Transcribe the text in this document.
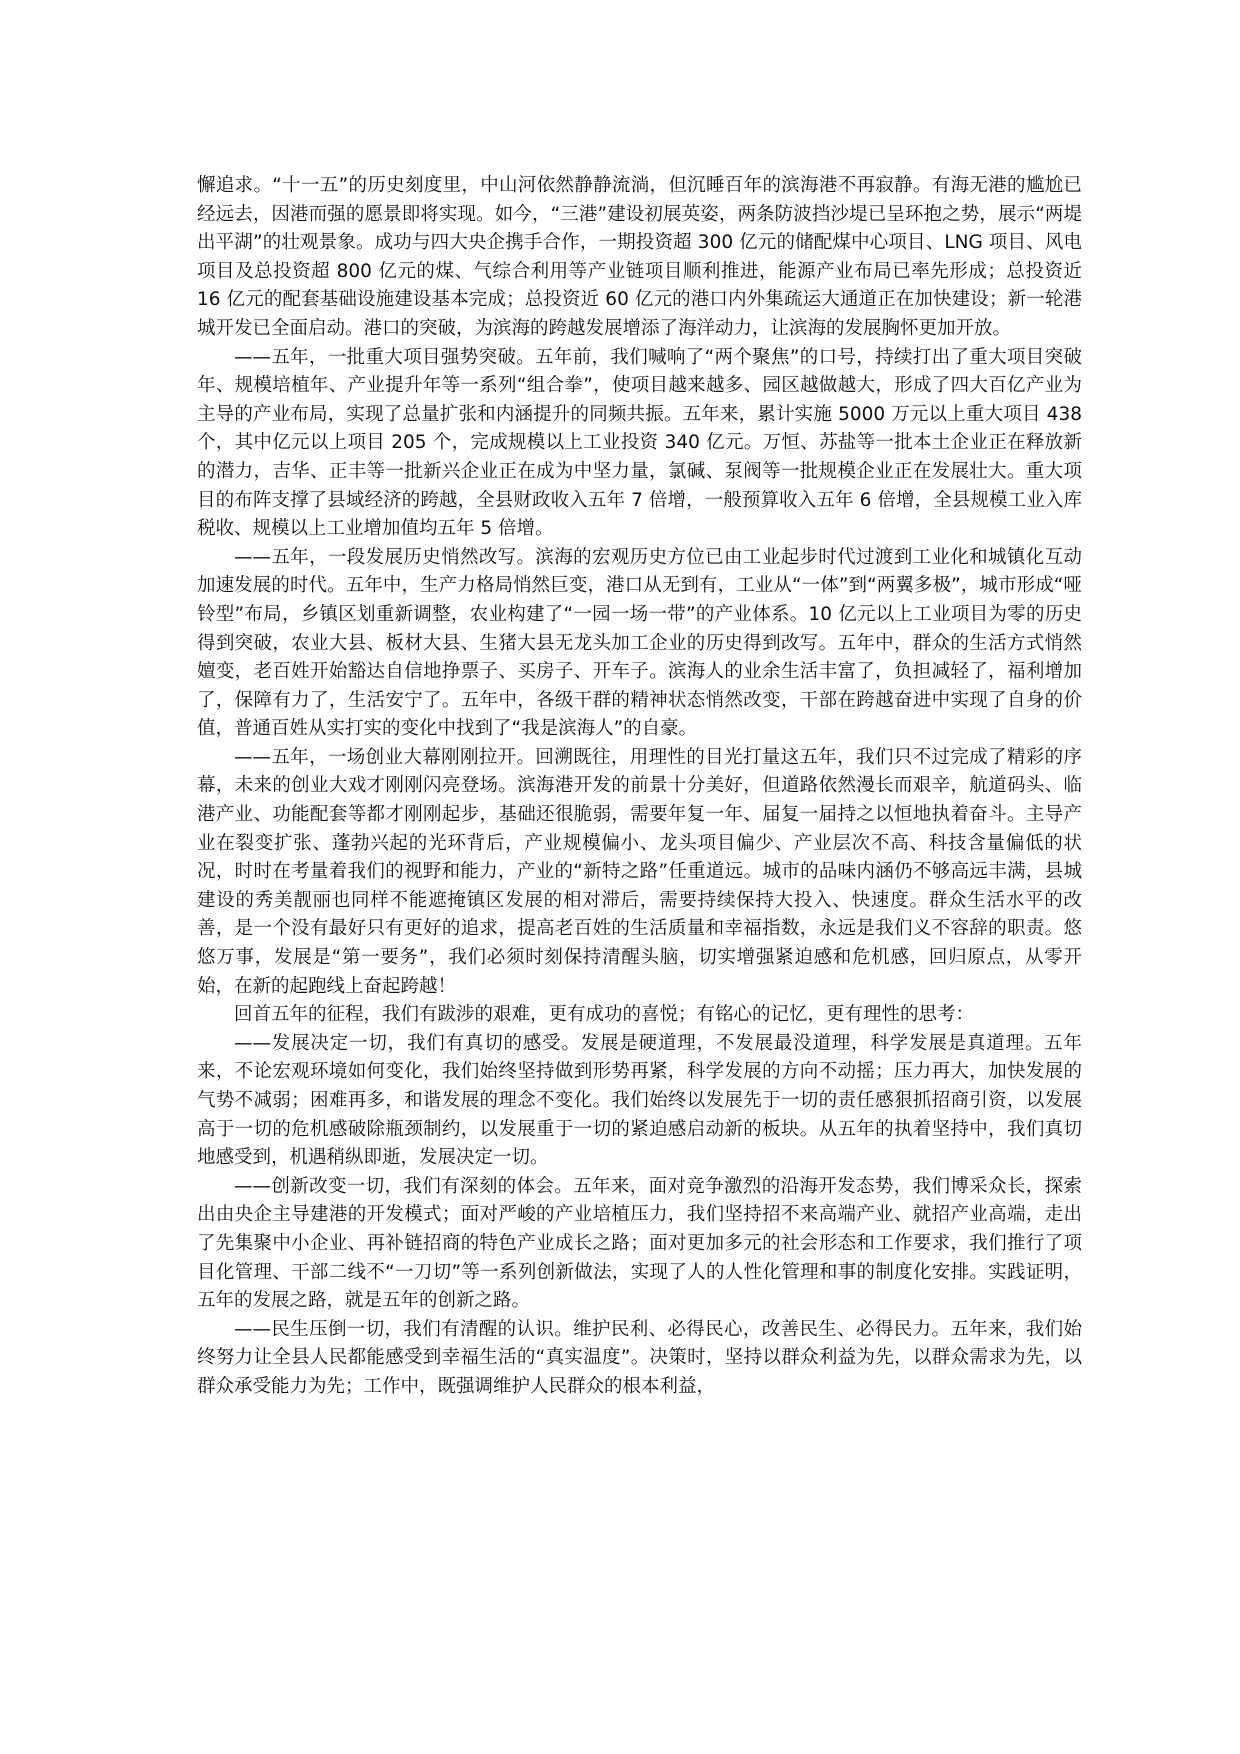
懈追求。“十一五”的历史刻度里，中山河依然静静流淌，但沉睡百年的滨海港不再寂静。有海无港的尴尬已经远去，因港而强的愿景即将实现。如今，“三港”建设初展英姿，两条防波挡沙堤已呈环抱之势，展示“两堤出平湖”的壮观景象。成功与四大央企携手合作，一期投资超 300 亿元的储配煤中心项目、LNG 项目、风电项目及总投资超 800 亿元的煤、气综合利用等产业链项目顺利推进，能源产业布局已率先形成；总投资近 16 亿元的配套基础设施建设基本完成；总投资近 60 亿元的港口内外集疏运大通道正在加快建设；新一轮港城开发已全面启动。港口的突破，为滨海的跨越发展增添了海洋动力，让滨海的发展胸怀更加开放。

——五年，一批重大项目强势突破。五年前，我们喊响了“两个聚焦”的口号，持续打出了重大项目突破年、规模培植年、产业提升年等一系列“组合拳”，使项目越来越多、园区越做越大，形成了四大百亿产业为主导的产业布局，实现了总量扩张和内涵提升的同频共振。五年来，累计实施 5000 万元以上重大项目 438 个，其中亿元以上项目 205 个，完成规模以上工业投资 340 亿元。万恒、苏盐等一批本土企业正在释放新的潜力，吉华、正丰等一批新兴企业正在成为中坚力量，氯碱、泵阀等一批规模企业正在发展壮大。重大项目的布阵支撑了县域经济的跨越，全县财政收入五年 7 倍增，一般预算收入五年 6 倍增，全县规模工业入库税收、规模以上工业增加值均五年 5 倍增。

——五年，一段发展历史悄然改写。滨海的宏观历史方位已由工业起步时代过渡到工业化和城镇化互动加速发展的时代。五年中，生产力格局悄然巨变，港口从无到有，工业从“一体”到“两翼多极”，城市形成“哑铃型”布局，乡镇区划重新调整，农业构建了“一园一场一带”的产业体系。10 亿元以上工业项目为零的历史得到突破，农业大县、板材大县、生猪大县无龙头加工企业的历史得到改写。五年中，群众的生活方式悄然嬗变，老百姓开始豁达自信地挣票子、买房子、开车子。滨海人的业余生活丰富了，负担减轻了，福利增加了，保障有力了，生活安宁了。五年中，各级干群的精神状态悄然改变，干部在跨越奋进中实现了自身的价值，普通百姓从实打实的变化中找到了“我是滨海人”的自豪。

——五年，一场创业大幕刚刚拉开。回溯既往，用理性的目光打量这五年，我们只不过完成了精彩的序幕，未来的创业大戏才刚刚闪亮登场。滨海港开发的前景十分美好，但道路依然漫长而艰辛，航道码头、临港产业、功能配套等都才刚刚起步，基础还很脆弱，需要年复一年、届复一届持之以恒地执着奋斗。主导产业在裂变扩张、蓬勃兴起的光环背后，产业规模偏小、龙头项目偏少、产业层次不高、科技含量偏低的状况，时时在考量着我们的视野和能力，产业的“新特之路”任重道远。城市的品味内涵仍不够高远丰满，县城建设的秀美靓丽也同样不能遮掩镇区发展的相对滞后，需要持续保持大投入、快速度。群众生活水平的改善，是一个没有最好只有更好的追求，提高老百姓的生活质量和幸福指数，永远是我们义不容辞的职责。悠悠万事，发展是“第一要务”，我们必须时刻保持清醒头脑，切实增强紧迫感和危机感，回归原点，从零开始，在新的起跑线上奋起跨越！

回首五年的征程，我们有跋涉的艰难，更有成功的喜悦；有铭心的记忆，更有理性的思考：

——发展决定一切，我们有真切的感受。发展是硬道理，不发展最没道理，科学发展是真道理。五年来，不论宏观环境如何变化，我们始终坚持做到形势再紧，科学发展的方向不动摇；压力再大，加快发展的气势不减弱；困难再多，和谐发展的理念不变化。我们始终以发展先于一切的责任感狠抓招商引资，以发展高于一切的危机感破除瓶颈制约，以发展重于一切的紧迫感启动新的板块。从五年的执着坚持中，我们真切地感受到，机遇稍纵即逝，发展决定一切。

——创新改变一切，我们有深刻的体会。五年来，面对竞争激烈的沿海开发态势，我们博采众长，探索出由央企主导建港的开发模式；面对严峻的产业培植压力，我们坚持招不来高端产业、就招产业高端，走出了先集聚中小企业、再补链招商的特色产业成长之路；面对更加多元的社会形态和工作要求，我们推行了项目化管理、干部二线不“一刀切”等一系列创新做法，实现了人的人性化管理和事的制度化安排。实践证明，五年的发展之路，就是五年的创新之路。

——民生压倒一切，我们有清醒的认识。维护民利、必得民心，改善民生、必得民力。五年来，我们始终努力让全县人民都能感受到幸福生活的“真实温度”。决策时，坚持以群众利益为先，以群众需求为先，以群众承受能力为先；工作中，既强调维护人民群众的根本利益，
